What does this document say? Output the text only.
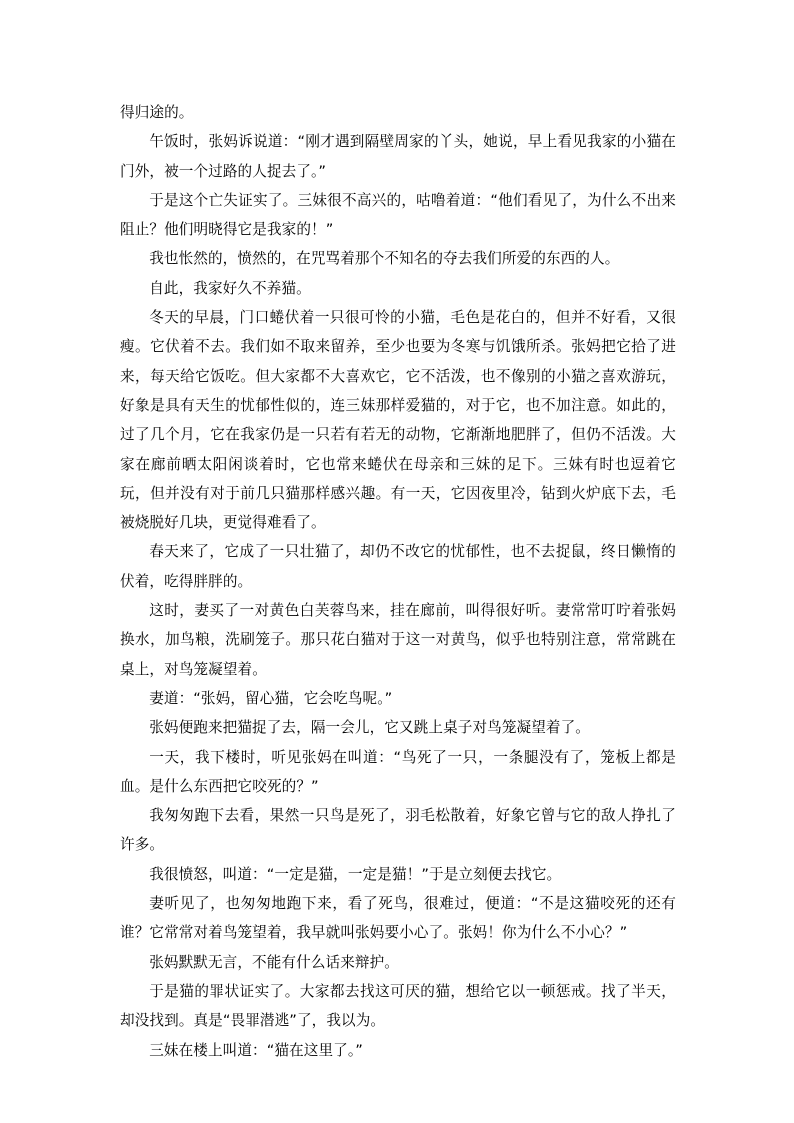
得归途的。

午饭时，张妈诉说道：“刚才遇到隔壁周家的丫头，她说，早上看见我家的小猫在门外，被一个过路的人捉去了。”

于是这个亡失证实了。三妹很不高兴的，咕噜着道：“他们看见了，为什么不出来阻止？他们明晓得它是我家的！”

我也怅然的，愤然的，在咒骂着那个不知名的夺去我们所爱的东西的人。

自此，我家好久不养猫。

冬天的早晨，门口蜷伏着一只很可怜的小猫，毛色是花白的，但并不好看，又很瘦。它伏着不去。我们如不取来留养，至少也要为冬寒与饥饿所杀。张妈把它拾了进来，每天给它饭吃。但大家都不大喜欢它，它不活泼，也不像别的小猫之喜欢游玩，好象是具有天生的忧郁性似的，连三妹那样爱猫的，对于它，也不加注意。如此的，过了几个月，它在我家仍是一只若有若无的动物，它渐渐地肥胖了，但仍不活泼。大家在廊前晒太阳闲谈着时，它也常来蜷伏在母亲和三妹的足下。三妹有时也逗着它玩，但并没有对于前几只猫那样感兴趣。有一天，它因夜里冷，钻到火炉底下去，毛被烧脱好几块，更觉得难看了。

春天来了，它成了一只壮猫了，却仍不改它的忧郁性，也不去捉鼠，终日懒惰的伏着，吃得胖胖的。

这时，妻买了一对黄色白芙蓉鸟来，挂在廊前，叫得很好听。妻常常叮咛着张妈换水，加鸟粮，洗刷笼子。那只花白猫对于这一对黄鸟，似乎也特别注意，常常跳在桌上，对鸟笼凝望着。

妻道：“张妈，留心猫，它会吃鸟呢。”

张妈便跑来把猫捉了去，隔一会儿，它又跳上桌子对鸟笼凝望着了。

一天，我下楼时，听见张妈在叫道：“鸟死了一只，一条腿没有了，笼板上都是血。是什么东西把它咬死的？”

我匆匆跑下去看，果然一只鸟是死了，羽毛松散着，好象它曾与它的敌人挣扎了许多。

我很愤怒，叫道：“一定是猫，一定是猫！”于是立刻便去找它。

妻听见了，也匆匆地跑下来，看了死鸟，很难过，便道：“不是这猫咬死的还有谁？它常常对着鸟笼望着，我早就叫张妈要小心了。张妈！你为什么不小心？”

张妈默默无言，不能有什么话来辩护。

于是猫的罪状证实了。大家都去找这可厌的猫，想给它以一顿惩戒。找了半天，却没找到。真是“畏罪潜逃”了，我以为。

三妹在楼上叫道：“猫在这里了。”
